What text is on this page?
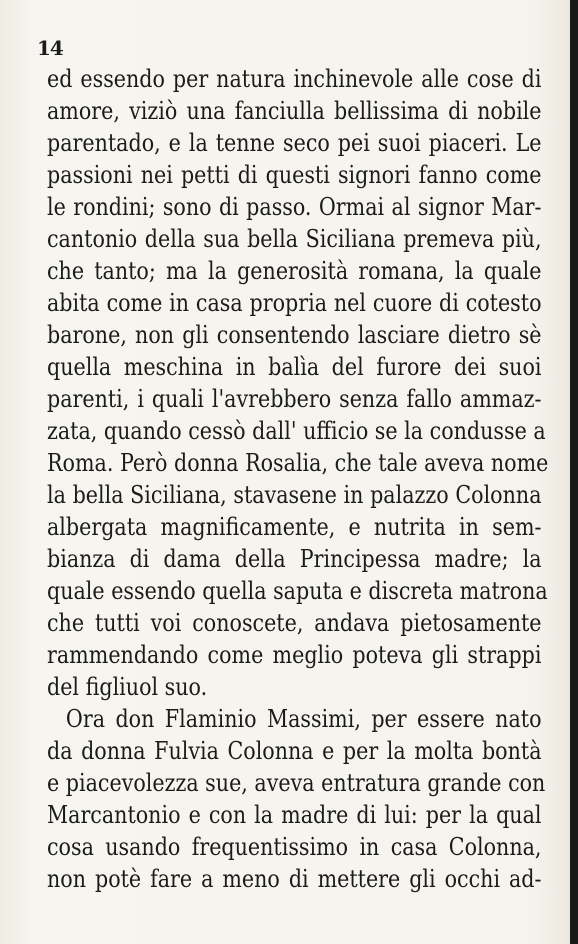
14
ed essendo per natura inchinevole alle cose di
amore, viziò una fanciulla bellissima di nobile
parentado, e la tenne seco pei suoi piaceri. Le
passioni nei petti di questi signori fanno come
le rondini; sono di passo. Ormai al signor Mar-
cantonio della sua bella Siciliana premeva più,
che tanto; ma la generosità romana, la quale
abita come in casa propria nel cuore di cotesto
barone, non gli consentendo lasciare dietro sè
quella meschina in balìa del furore dei suoi
parenti, i quali l'avrebbero senza fallo ammaz-
zata, quando cessò dall' ufficio se la condusse a
Roma. Però donna Rosalia, che tale aveva nome
la bella Siciliana, stavasene in palazzo Colonna
albergata magnificamente, e nutrita in sem-
bianza di dama della Principessa madre; la
quale essendo quella saputa e discreta matrona
che tutti voi conoscete, andava pietosamente
rammendando come meglio poteva gli strappi
del figliuol suo.
Ora don Flaminio Massimi, per essere nato
da donna Fulvia Colonna e per la molta bontà
e piacevolezza sue, aveva entratura grande con
Marcantonio e con la madre di lui: per la qual
cosa usando frequentissimo in casa Colonna,
non potè fare a meno di mettere gli occhi ad-
